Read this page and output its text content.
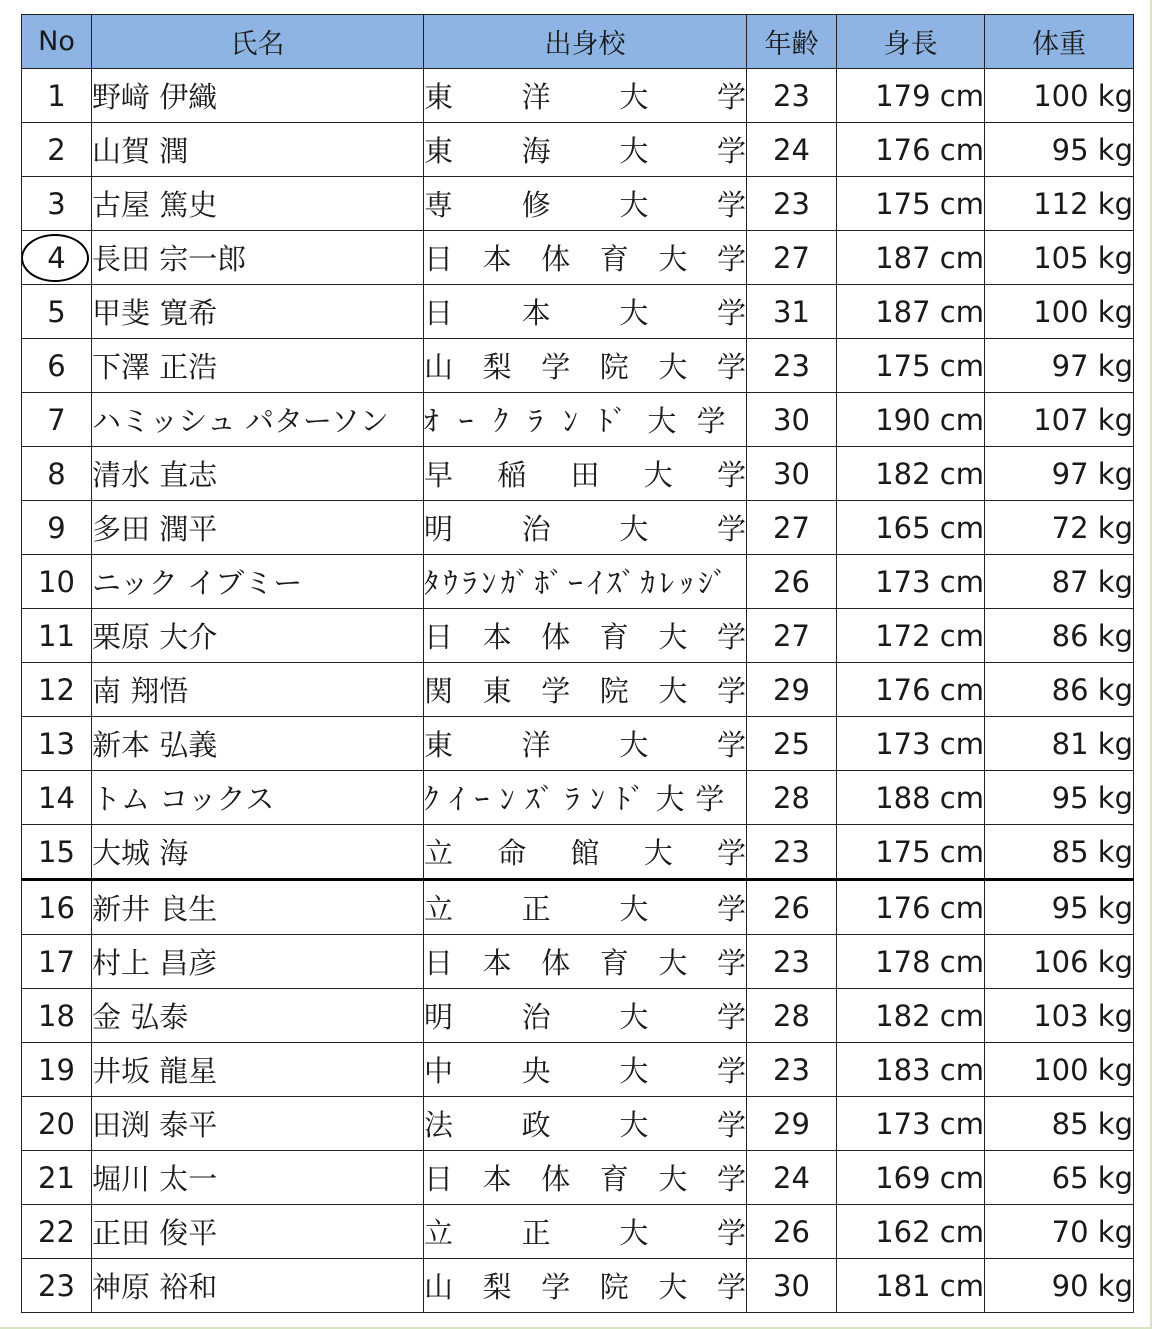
No	氏名	出身校	年齢	身長	体重
1	野﨑 伊織	東洋大学	23	179 cm	100 kg
2	山賀 潤	東海大学	24	176 cm	95 kg
3	古屋 篤史	専修大学	23	175 cm	112 kg

4	長田 宗一郎	日本体育大学	27	187 cm	105 kg
5	甲斐 寛希	日本大学	31	187 cm	100 kg
6	下澤 正浩	山梨学院大学	23	175 cm	97 kg
7	ハミッシュ パターソン	ｵｰｸﾗﾝﾄﾞ大学	30	190 cm	107 kg
8	清水 直志	早稲田大学	30	182 cm	97 kg
9	多田 潤平	明治大学	27	165 cm	72 kg
10	ニック イブミー	ﾀｳﾗﾝｶﾞﾎﾞｰｲｽﾞｶﾚｯｼﾞ	26	173 cm	87 kg
11	栗原 大介	日本体育大学	27	172 cm	86 kg
12	南 翔悟	関東学院大学	29	176 cm	86 kg
13	新本 弘義	東洋大学	25	173 cm	81 kg
14	トム コックス	ｸｲｰﾝｽﾞﾗﾝﾄﾞ大学	28	188 cm	95 kg
15	大城 海	立命館大学	23	175 cm	85 kg
16	新井 良生	立正大学	26	176 cm	95 kg
17	村上 昌彦	日本体育大学	23	178 cm	106 kg
18	金 弘泰	明治大学	28	182 cm	103 kg
19	井坂 龍星	中央大学	23	183 cm	100 kg
20	田渕 泰平	法政大学	29	173 cm	85 kg
21	堀川 太一	日本体育大学	24	169 cm	65 kg
22	正田 俊平	立正大学	26	162 cm	70 kg
23	神原 裕和	山梨学院大学	30	181 cm	90 kg
